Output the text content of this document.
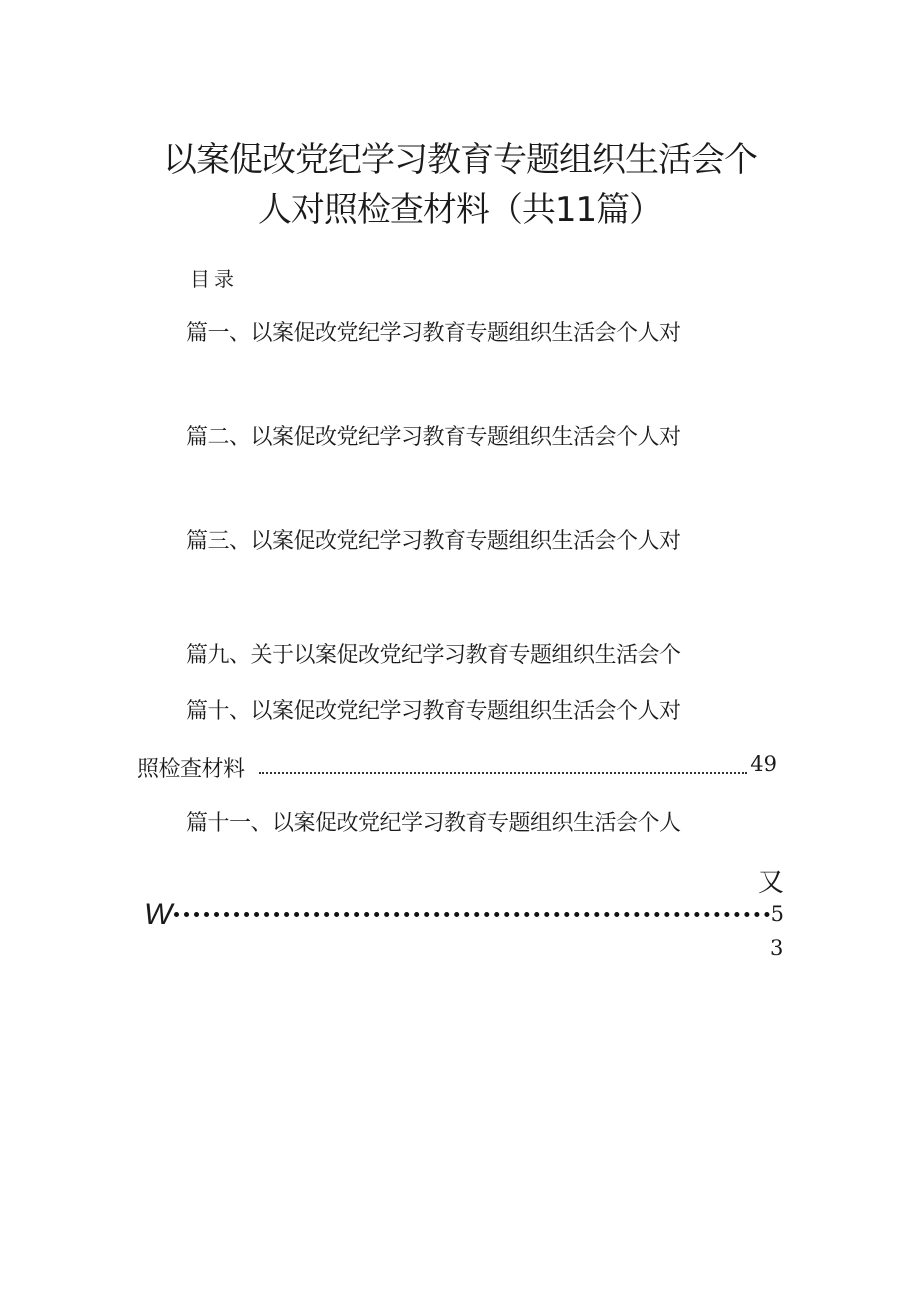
以案促改党纪学习教育专题组织生活会个
人对照检查材料（共11篇）
目录
篇一、以案促改党纪学习教育专题组织生活会个人对
篇二、以案促改党纪学习教育专题组织生活会个人对
篇三、以案促改党纪学习教育专题组织生活会个人对
篇九、关于以案促改党纪学习教育专题组织生活会个
篇十、以案促改党纪学习教育专题组织生活会个人对
照检查材料	49
篇十一、以案促改党纪学习教育专题组织生活会个人
又
W	5
3
